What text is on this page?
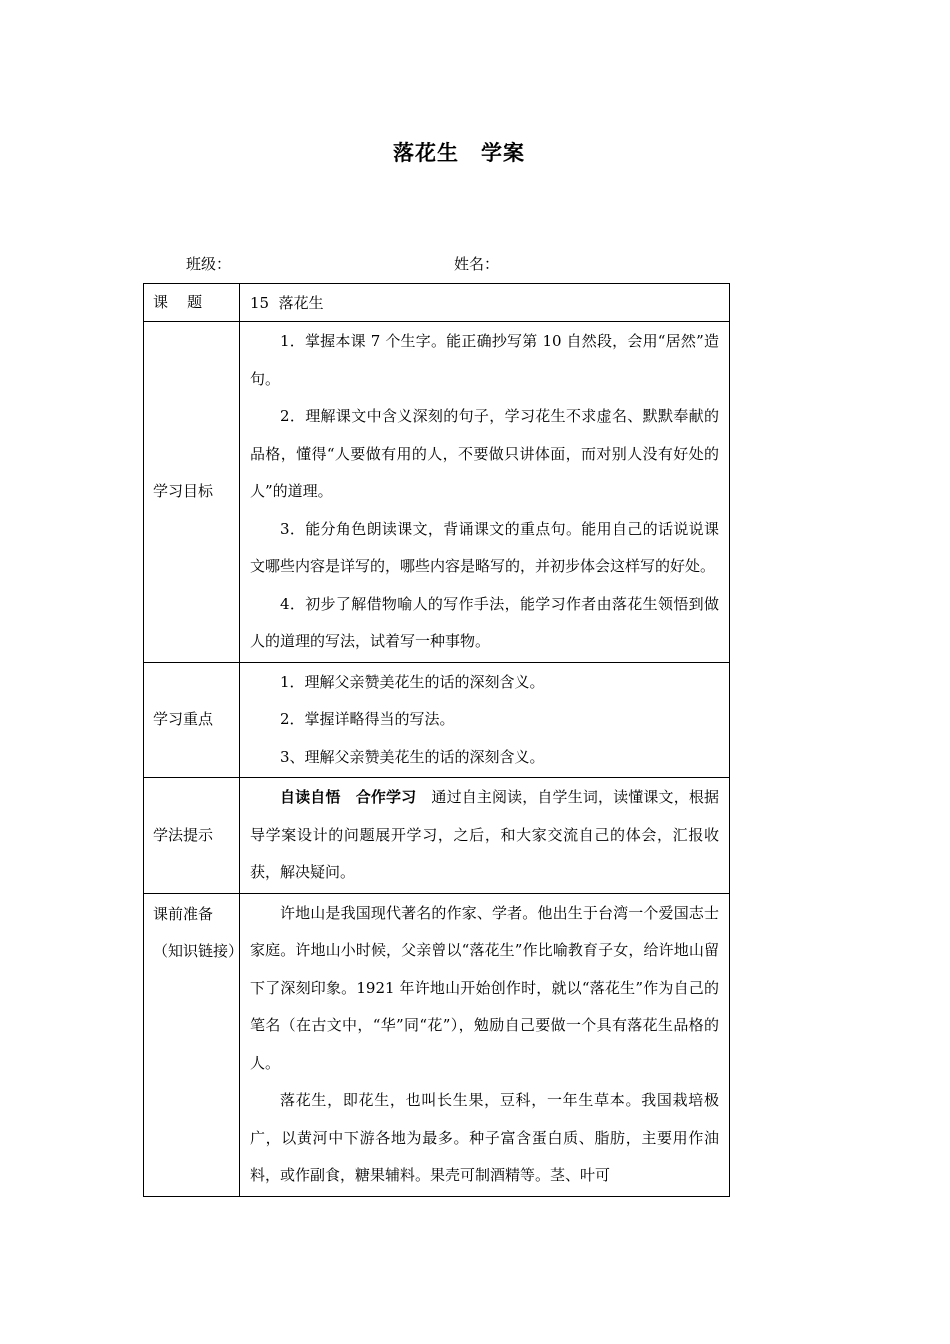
落花生 学案
班级：	姓名：
课    题	15  落花生
学习目标	1．掌握本课 7 个生字。能正确抄写第 10 自然段，会用“居然”造句。
2．理解课文中含义深刻的句子，学习花生不求虚名、默默奉献的品格，懂得“人要做有用的人，不要做只讲体面，而对别人没有好处的人”的道理。
3．能分角色朗读课文，背诵课文的重点句。能用自己的话说说课文哪些内容是详写的，哪些内容是略写的，并初步体会这样写的好处。
4．初步了解借物喻人的写作手法，能学习作者由落花生领悟到做人的道理的写法，试着写一种事物。

学习重点	1．理解父亲赞美花生的话的深刻含义。
2．掌握详略得当的写法。
3、理解父亲赞美花生的话的深刻含义。

学法提示	自读自悟　合作学习　通过自主阅读，自学生词，读懂课文，根据导学案设计的问题展开学习，之后，和大家交流自己的体会，汇报收获，解决疑问。

课前准备（知识链接）	许地山是我国现代著名的作家、学者。他出生于台湾一个爱国志士家庭。许地山小时候，父亲曾以“落花生”作比喻教育子女，给许地山留下了深刻印象。1921 年许地山开始创作时，就以“落花生”作为自己的笔名（在古文中，“华”同“花”），勉励自己要做一个具有落花生品格的人。
落花生，即花生，也叫长生果，豆科，一年生草本。我国栽培极广，以黄河中下游各地为最多。种子富含蛋白质、脂肪，主要用作油料，或作副食，糖果辅料。果壳可制酒精等。茎、叶可
